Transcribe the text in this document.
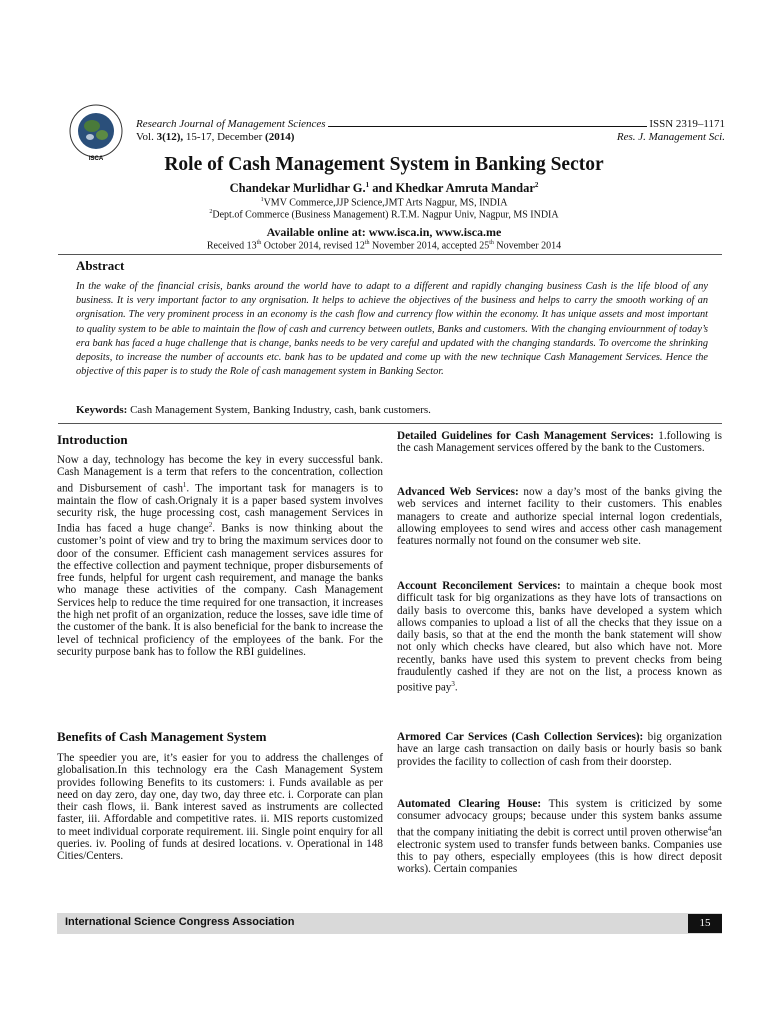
ISCA
Research Journal of Management Sciences	ISSN 2319–1171
Vol. 3(12), 15-17, December (2014)	Res. J. Management Sci.
Role of Cash Management System in Banking Sector
Chandekar Murlidhar G.$^1$ and Khedkar Amruta Mandar$^2$
$^1$VMV Commerce,JJP Science,JMT Arts Nagpur, MS, INDIA
$^2$Dept.of Commerce (Business Management) R.T.M. Nagpur Univ, Nagpur, MS INDIA
Available online at: www.isca.in, www.isca.me
Received 13th October 2014, revised 12th November 2014, accepted 25th November 2014
Abstract
In the wake of the financial crisis, banks around the world have to adapt to a different and rapidly changing business Cash is the life blood of any business. It is very important factor to any orgnisation. It helps to achieve the objectives of the business and helps to carry the smooth working of an orgnisation. The very prominent process in an economy is the cash flow and currency flow within the economy. It has unique assets and most important to quality system to be able to maintain the flow of cash and currency between outlets, Banks and customers. With the changing enviournment of today’s era bank has faced a huge challenge that is change, banks needs to be very careful and updated with the changing standards. To overcome the shrinking deposits, to increase the number of accounts etc. bank has to be updated and come up with the new technique Cash Management Services. Hence the objective of this paper is to study the Role of cash management system in Banking Sector.
Keywords: Cash Management System, Banking Industry, cash, bank customers.
Introduction

Now a day, technology has become the key in every successful bank. Cash Management is a term that refers to the concentration, collection and Disbursement of cash$^1$. The important task for managers is to maintain the flow of cash.Orignaly it is a paper based system involves security risk, the huge processing cost, cash management Services in India has faced a huge change$^2$. Banks is now thinking about the customer’s point of view and try to bring the maximum services door to door of the consumer. Efficient cash management services assures for the effective collection and payment technique, proper disbursements of free funds, helpful for urgent cash requirement, and manage the banks who manage these activities of the company. Cash Management Services help to reduce the time required for one transaction, it increases the high net profit of an organization, reduce the losses, save idle time of the customer of the bank. It is also beneficial for the bank to increase the level of technical proficiency of the employees of the bank. For the security purpose bank has to follow the RBI guidelines.

Benefits of Cash Management System
The speedier you are, it’s easier for you to address the challenges of globalisation.In this technology era the Cash Management System provides following Benefits to its customers: i. Funds available as per need on day zero, day one, day two, day three etc. i. Corporate can plan their cash flows, ii. Bank interest saved as instruments are collected faster, iii. Affordable and competitive rates. ii. MIS reports customized to meet individual corporate requirement. iii. Single point enquiry for all queries. iv. Pooling of funds at desired locations. v. Operational in 148 Cities/Centers.

Detailed Guidelines for Cash Management Services: 1.following is the cash Management services offered by the bank to the Customers.

Advanced Web Services: now a day’s most of the banks giving the web services and internet facility to their customers. This enables managers to create and authorize special internal logon credentials, allowing employees to send wires and access other cash management features normally not found on the consumer web site.

Account Reconcilement Services: to maintain a cheque book most difficult task for big organizations as they have lots of transactions on daily basis to overcome this, banks have developed a system which allows companies to upload a list of all the checks that they issue on a daily basis, so that at the end the month the bank statement will show not only which checks have cleared, but also which have not. More recently, banks have used this system to prevent checks from being fraudulently cashed if they are not on the list, a process known as positive pay$^3$.

Armored Car Services (Cash Collection Services): big organization have an large cash transaction on daily basis or hourly basis so bank provides the facility to collection of cash from their doorstep.

Automated Clearing House: This system is criticized by some consumer advocacy groups; because under this system banks assume that the company initiating the debit is correct until proven otherwise$^4$an electronic system used to transfer funds between banks. Companies use this to pay others, especially employees (this is how direct deposit works). Certain companies

International Science Congress Association	15
